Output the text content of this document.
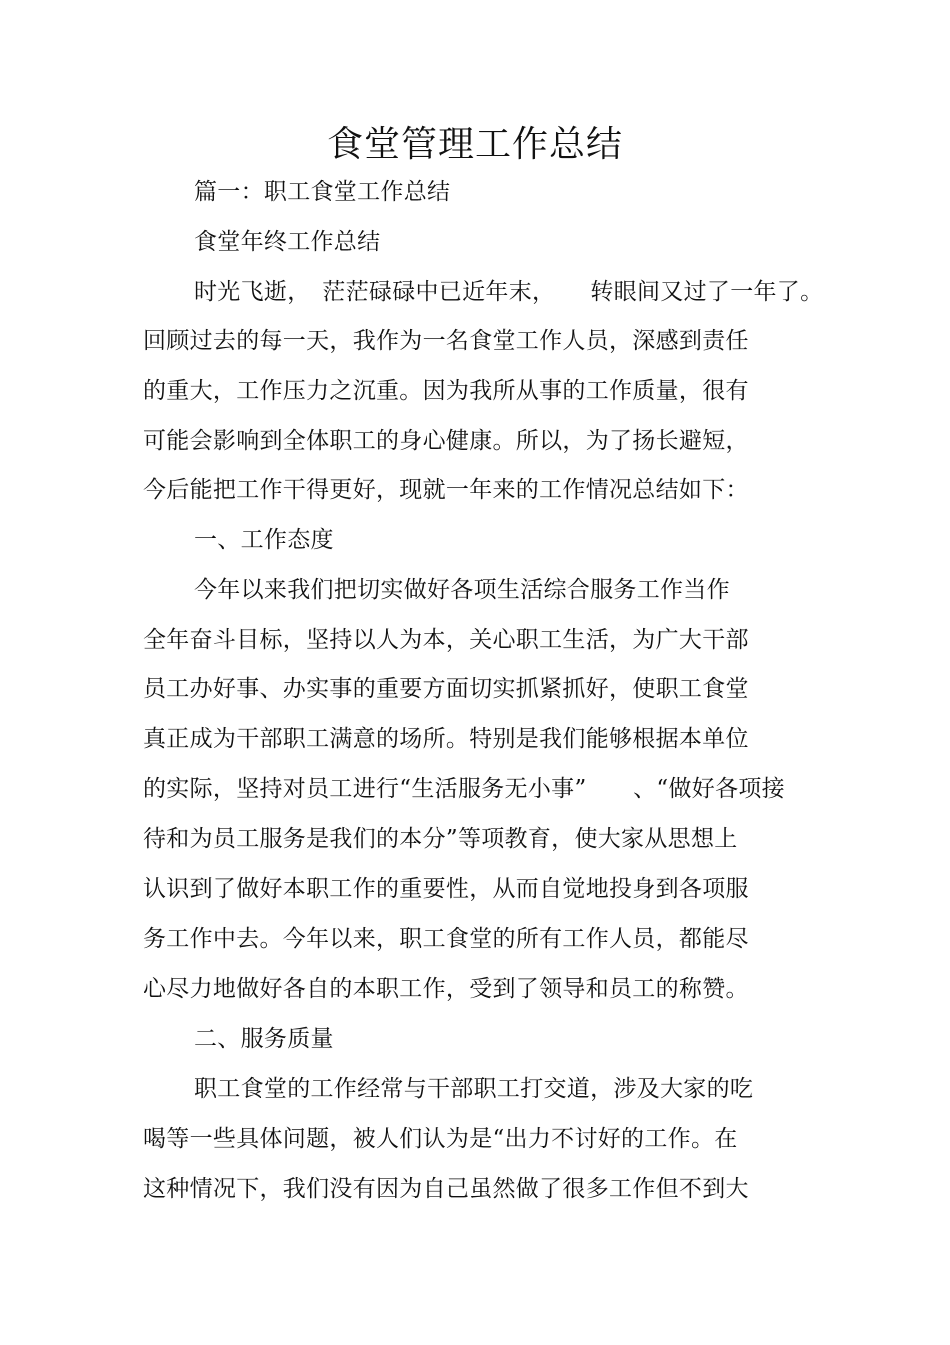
食堂管理工作总结
篇一：职工食堂工作总结
食堂年终工作总结
时光飞逝，　茫茫碌碌中已近年末，　　转眼间又过了一年了。
回顾过去的每一天，我作为一名食堂工作人员，深感到责任
的重大，工作压力之沉重。因为我所从事的工作质量，很有
可能会影响到全体职工的身心健康。所以，为了扬长避短，
今后能把工作干得更好，现就一年来的工作情况总结如下：
一、工作态度
今年以来我们把切实做好各项生活综合服务工作当作
全年奋斗目标，坚持以人为本，关心职工生活，为广大干部
员工办好事、办实事的重要方面切实抓紧抓好，使职工食堂
真正成为干部职工满意的场所。特别是我们能够根据本单位
的实际，坚持对员工进行“生活服务无小事”　　、“做好各项接
待和为员工服务是我们的本分”等项教育，使大家从思想上
认识到了做好本职工作的重要性，从而自觉地投身到各项服
务工作中去。今年以来，职工食堂的所有工作人员，都能尽
心尽力地做好各自的本职工作，受到了领导和员工的称赞。
二、服务质量
职工食堂的工作经常与干部职工打交道，涉及大家的吃
喝等一些具体问题，被人们认为是“出力不讨好的工作。在
这种情况下，我们没有因为自己虽然做了很多工作但不到大
